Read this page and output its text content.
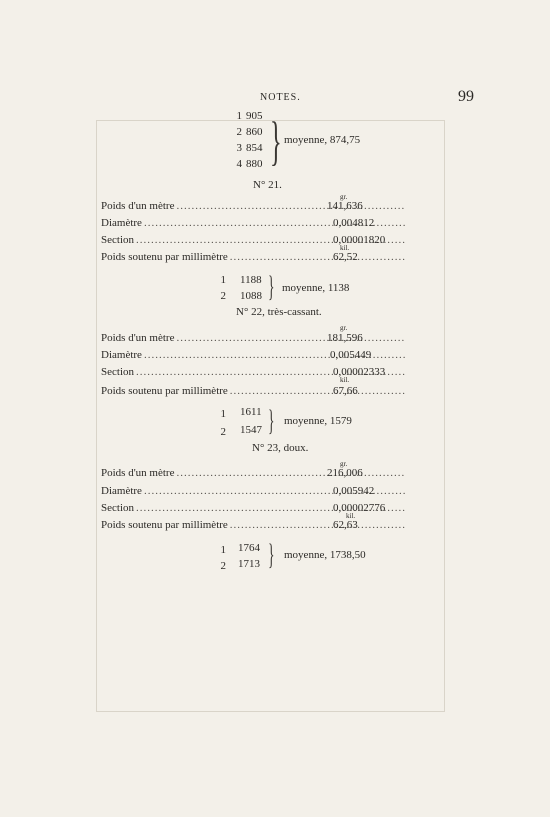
NOTES.	99
1 905
2 860
3 854
4 880 } moyenne, 874,75
N° 21.
gr.
Poids d'un mètre .....	141,636
Diamètre .....	0,004812
Section .....	0,00001820
kil.
Poids soutenu par millimètre .....	62,52
1 1188
2 1088 } moyenne, 1138
N° 22, très-cassant.
gr.
Poids d'un mètre .....	181,596
Diamètre .....	0,005449
Section .....	0,00002333
kil.
Poids soutenu par millimètre .....	67,66
1 1611
2 1547 } moyenne, 1579
N° 23, doux.
gr.
Poids d'un mètre .....	216,006
Diamètre .....	0,005942
Section .....	0,00002776
kil.
Poids soutenu par millimètre .....	62,63
1 1764
2 1713 } moyenne, 1738,50
